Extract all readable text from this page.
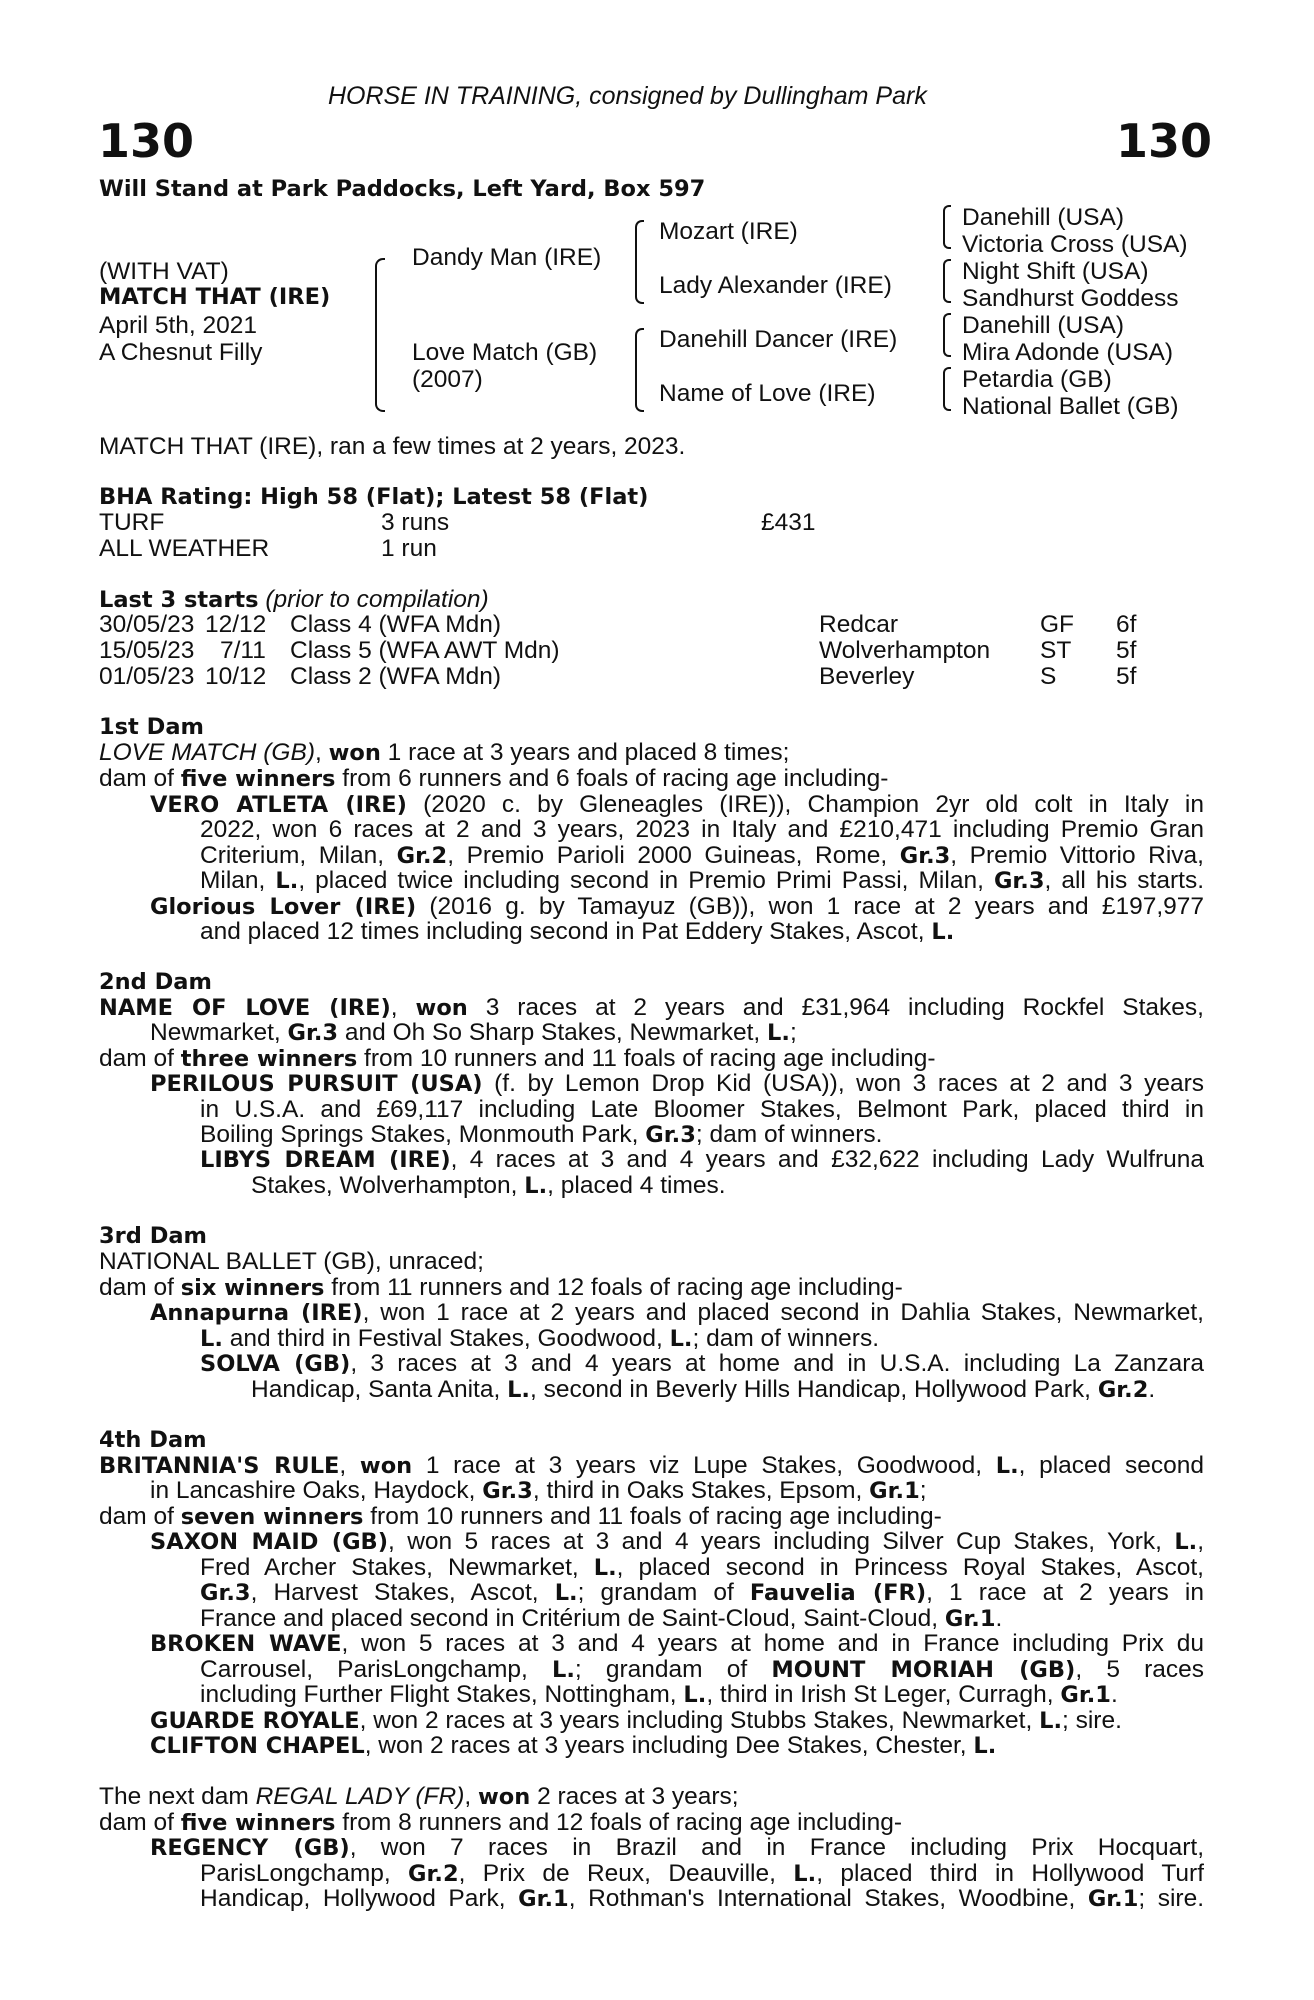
HORSE IN TRAINING, consigned by Dullingham Park
130	130
Will Stand at Park Paddocks, Left Yard, Box 597
(WITH VAT)
MATCH THAT (IRE)
April 5th, 2021
A Chesnut Filly
Dandy Man (IRE)
Love Match (GB)
(2007)
Mozart (IRE)
Lady Alexander (IRE)
Danehill Dancer (IRE)
Name of Love (IRE)
Danehill (USA)
Victoria Cross (USA)
Night Shift (USA)
Sandhurst Goddess
Danehill (USA)
Mira Adonde (USA)
Petardia (GB)
National Ballet (GB)
MATCH THAT (IRE), ran a few times at 2 years, 2023.
BHA Rating: High 58 (Flat); Latest 58 (Flat)
TURF	3 runs	£431
ALL WEATHER	1 run
Last 3 starts (prior to compilation)
30/05/23 12/12 Class 4 (WFA Mdn)	Redcar	GF 6f
15/05/23 7/11 Class 5 (WFA AWT Mdn)	Wolverhampton ST 5f
01/05/23 10/12 Class 2 (WFA Mdn)	Beverley	S 5f
1st Dam
LOVE MATCH (GB), won 1 race at 3 years and placed 8 times;
dam of five winners from 6 runners and 6 foals of racing age including-
VERO ATLETA (IRE) (2020 c. by Gleneagles (IRE)), Champion 2yr old colt in Italy in
2022, won 6 races at 2 and 3 years, 2023 in Italy and £210,471 including Premio Gran
Criterium, Milan, Gr.2, Premio Parioli 2000 Guineas, Rome, Gr.3, Premio Vittorio Riva,
Milan, L., placed twice including second in Premio Primi Passi, Milan, Gr.3, all his starts.
Glorious Lover (IRE) (2016 g. by Tamayuz (GB)), won 1 race at 2 years and £197,977
and placed 12 times including second in Pat Eddery Stakes, Ascot, L.
2nd Dam
NAME OF LOVE (IRE), won 3 races at 2 years and £31,964 including Rockfel Stakes,
Newmarket, Gr.3 and Oh So Sharp Stakes, Newmarket, L.;
dam of three winners from 10 runners and 11 foals of racing age including-
PERILOUS PURSUIT (USA) (f. by Lemon Drop Kid (USA)), won 3 races at 2 and 3 years
in U.S.A. and £69,117 including Late Bloomer Stakes, Belmont Park, placed third in
Boiling Springs Stakes, Monmouth Park, Gr.3; dam of winners.
LIBYS DREAM (IRE), 4 races at 3 and 4 years and £32,622 including Lady Wulfruna
Stakes, Wolverhampton, L., placed 4 times.
3rd Dam
NATIONAL BALLET (GB), unraced;
dam of six winners from 11 runners and 12 foals of racing age including-
Annapurna (IRE), won 1 race at 2 years and placed second in Dahlia Stakes, Newmarket,
L. and third in Festival Stakes, Goodwood, L.; dam of winners.
SOLVA (GB), 3 races at 3 and 4 years at home and in U.S.A. including La Zanzara
Handicap, Santa Anita, L., second in Beverly Hills Handicap, Hollywood Park, Gr.2.
4th Dam
BRITANNIA'S RULE, won 1 race at 3 years viz Lupe Stakes, Goodwood, L., placed second
in Lancashire Oaks, Haydock, Gr.3, third in Oaks Stakes, Epsom, Gr.1;
dam of seven winners from 10 runners and 11 foals of racing age including-
SAXON MAID (GB), won 5 races at 3 and 4 years including Silver Cup Stakes, York, L.,
Fred Archer Stakes, Newmarket, L., placed second in Princess Royal Stakes, Ascot,
Gr.3, Harvest Stakes, Ascot, L.; grandam of Fauvelia (FR), 1 race at 2 years in
France and placed second in Critérium de Saint-Cloud, Saint-Cloud, Gr.1.
BROKEN WAVE, won 5 races at 3 and 4 years at home and in France including Prix du
Carrousel, ParisLongchamp, L.; grandam of MOUNT MORIAH (GB), 5 races
including Further Flight Stakes, Nottingham, L., third in Irish St Leger, Curragh, Gr.1.
GUARDE ROYALE, won 2 races at 3 years including Stubbs Stakes, Newmarket, L.; sire.
CLIFTON CHAPEL, won 2 races at 3 years including Dee Stakes, Chester, L.
The next dam REGAL LADY (FR), won 2 races at 3 years;
dam of five winners from 8 runners and 12 foals of racing age including-
REGENCY (GB), won 7 races in Brazil and in France including Prix Hocquart,
ParisLongchamp, Gr.2, Prix de Reux, Deauville, L., placed third in Hollywood Turf
Handicap, Hollywood Park, Gr.1, Rothman's International Stakes, Woodbine, Gr.1; sire.
